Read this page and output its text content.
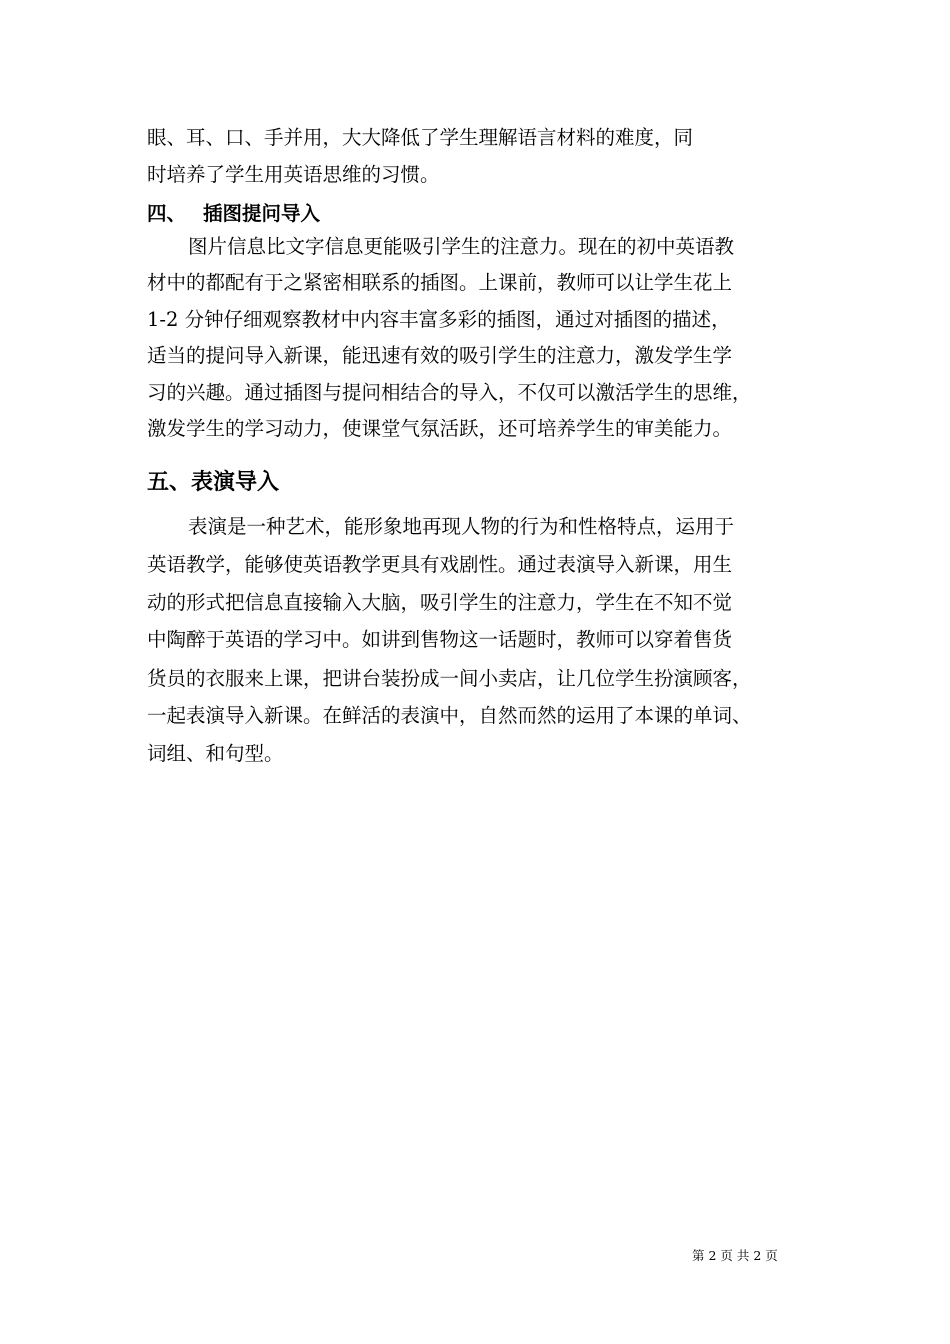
眼、耳、口、手并用，大大降低了学生理解语言材料的难度，同
时培养了学生用英语思维的习惯。
四、 插图提问导入
图片信息比文字信息更能吸引学生的注意力。现在的初中英语教
材中的都配有于之紧密相联系的插图。上课前，教师可以让学生花上
1-2 分钟仔细观察教材中内容丰富多彩的插图，通过对插图的描述，
适当的提问导入新课，能迅速有效的吸引学生的注意力，激发学生学
习的兴趣。通过插图与提问相结合的导入，不仅可以激活学生的思维，
激发学生的学习动力，使课堂气氛活跃，还可培养学生的审美能力。
五、表演导入
表演是一种艺术，能形象地再现人物的行为和性格特点，运用于
英语教学，能够使英语教学更具有戏剧性。通过表演导入新课，用生
动的形式把信息直接输入大脑，吸引学生的注意力，学生在不知不觉
中陶醉于英语的学习中。如讲到售物这一话题时，教师可以穿着售货
货员的衣服来上课，把讲台装扮成一间小卖店，让几位学生扮演顾客，
一起表演导入新课。在鲜活的表演中，自然而然的运用了本课的单词、
词组、和句型。
第 2 页 共 2 页
